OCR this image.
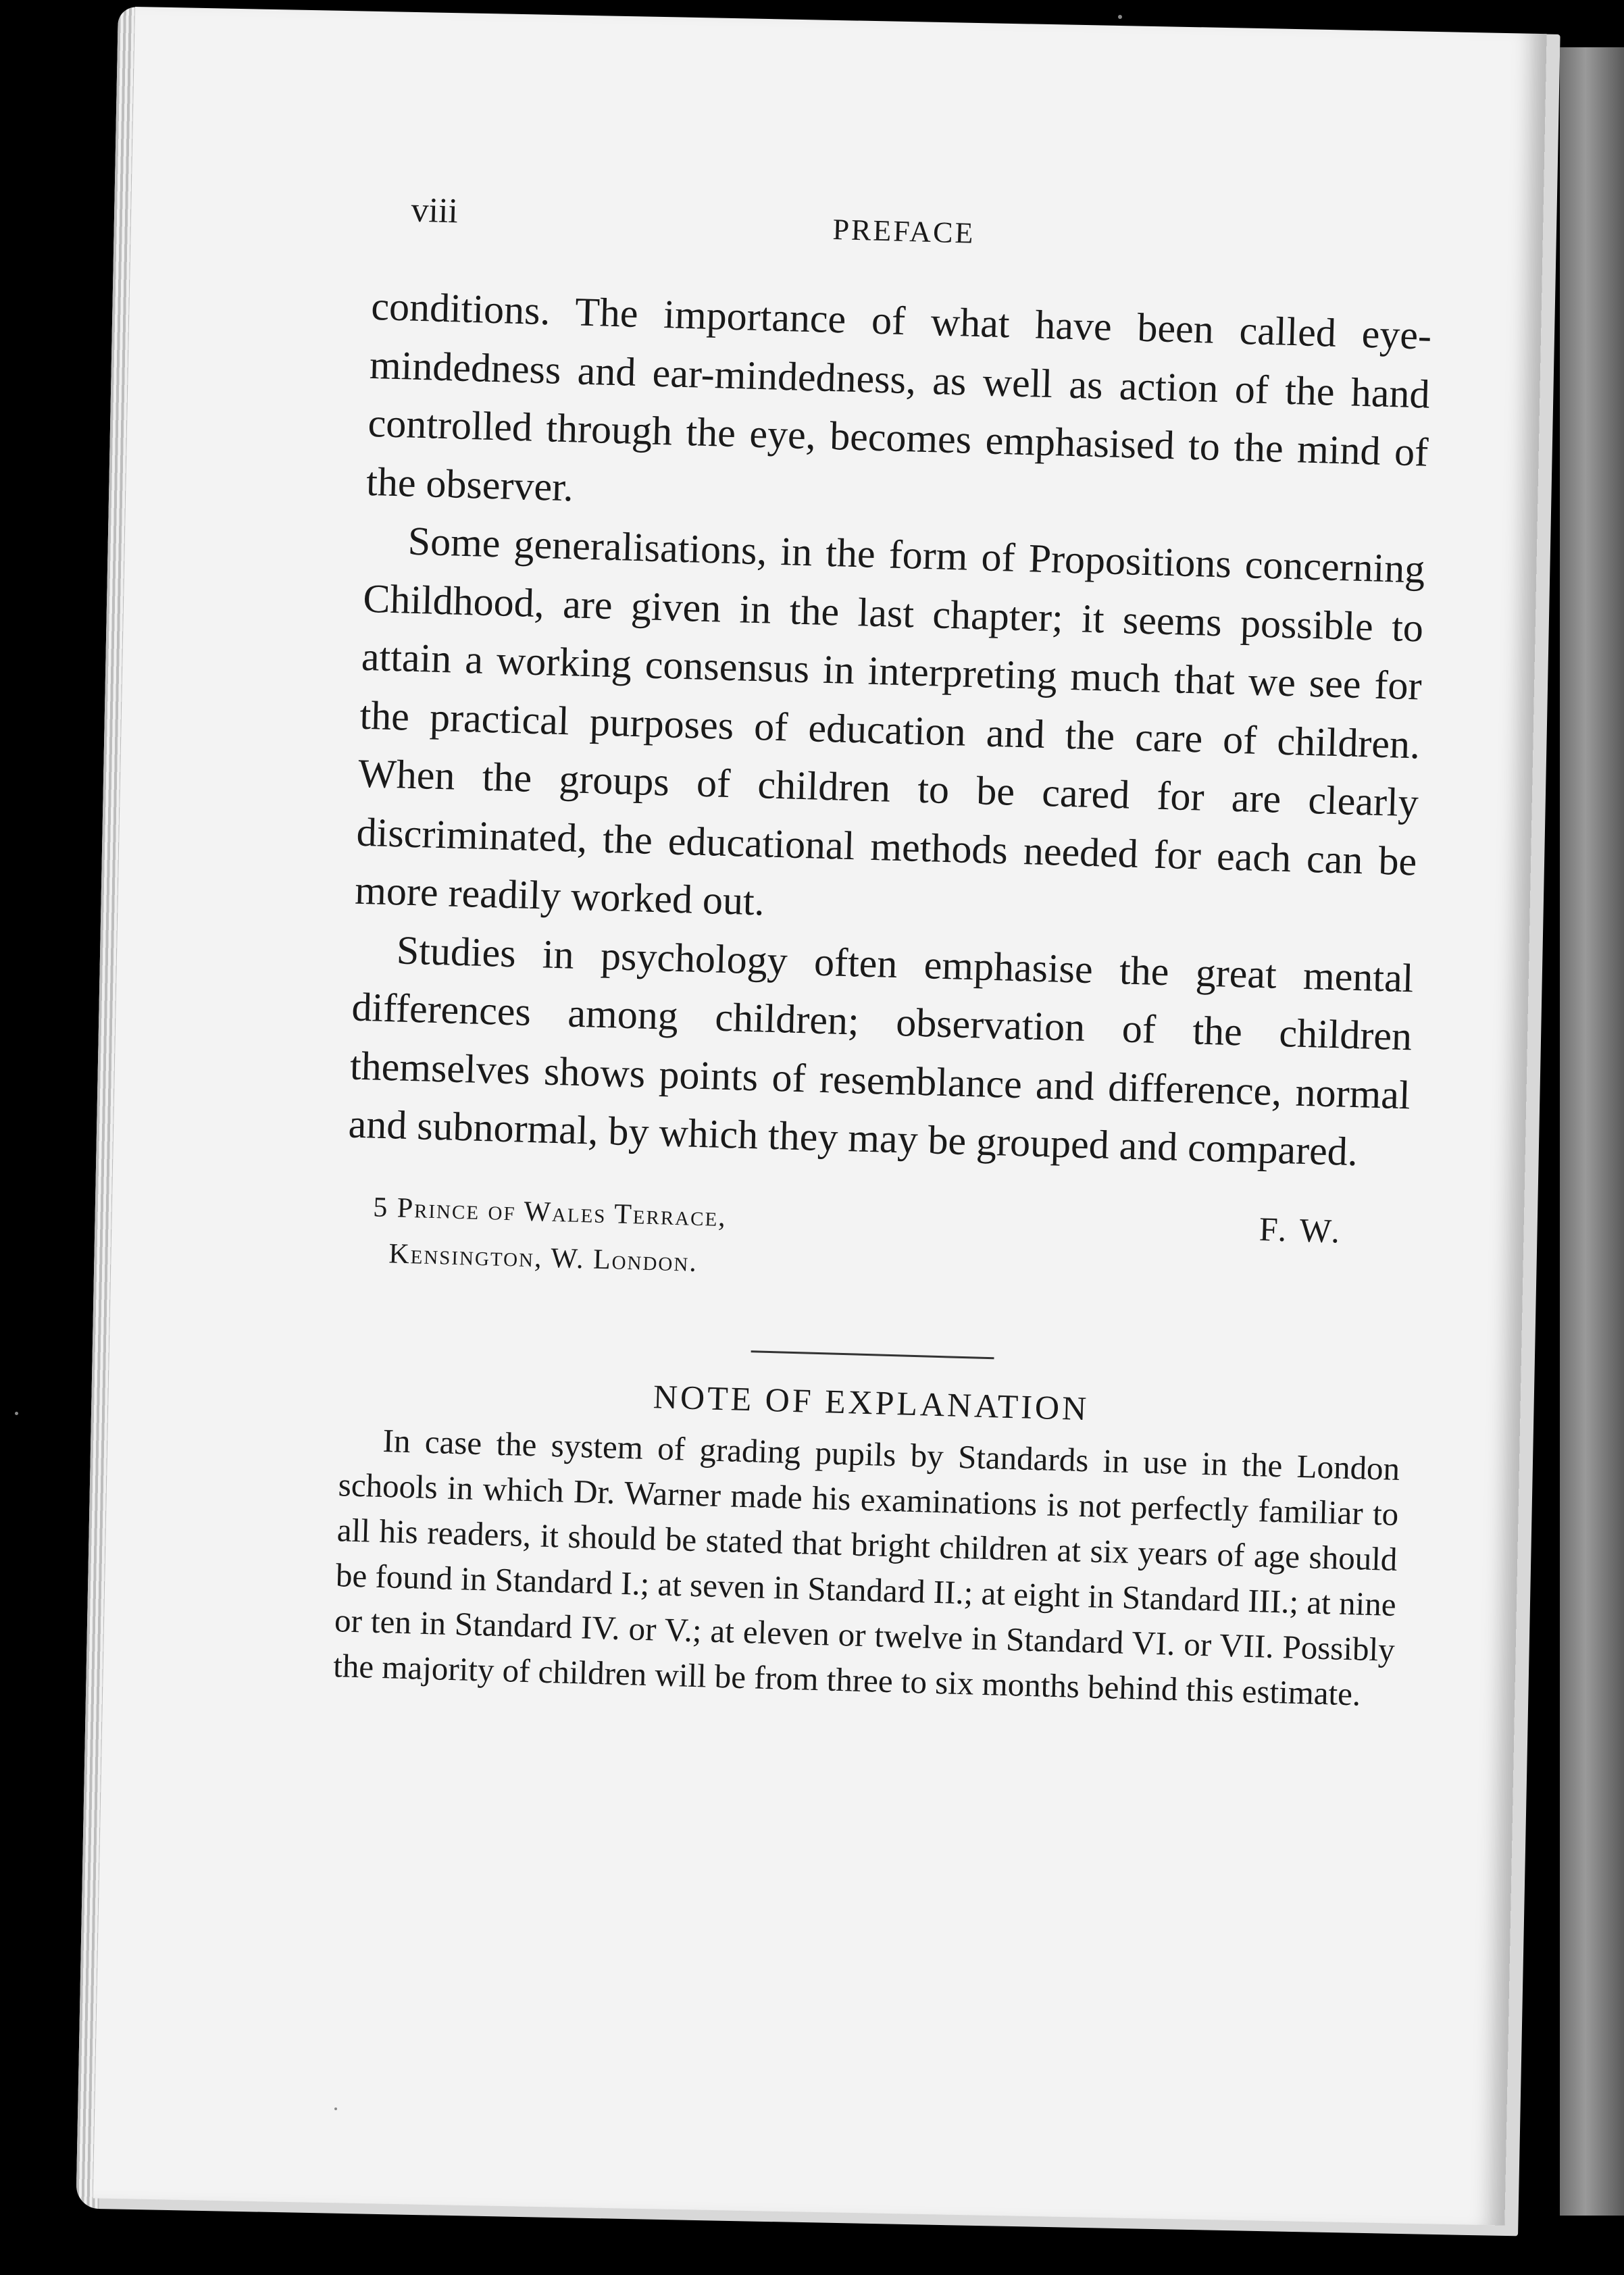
viii
PREFACE

conditions. The importance of what have been called eye-mindedness and ear-mindedness, as well as action of the hand controlled through the eye, becomes emphasised to the mind of the observer.

Some generalisations, in the form of Propositions concerning Childhood, are given in the last chapter; it seems possible to attain a working consensus in interpreting much that we see for the practical purposes of education and the care of children. When the groups of children to be cared for are clearly discriminated, the educational methods needed for each can be more readily worked out.

Studies in psychology often emphasise the great mental differences among children; observation of the children themselves shows points of resemblance and difference, normal and subnormal, by which they may be grouped and compared.

5 Prince of Wales Terrace,
Kensington, W. London.
F. W.
NOTE OF EXPLANATION

In case the system of grading pupils by Standards in use in the London schools in which Dr. Warner made his examinations is not perfectly familiar to all his readers, it should be stated that bright children at six years of age should be found in Standard I.; at seven in Standard II.; at eight in Standard III.; at nine or ten in Standard IV. or V.; at eleven or twelve in Standard VI. or VII. Possibly the majority of children will be from three to six months behind this estimate.
